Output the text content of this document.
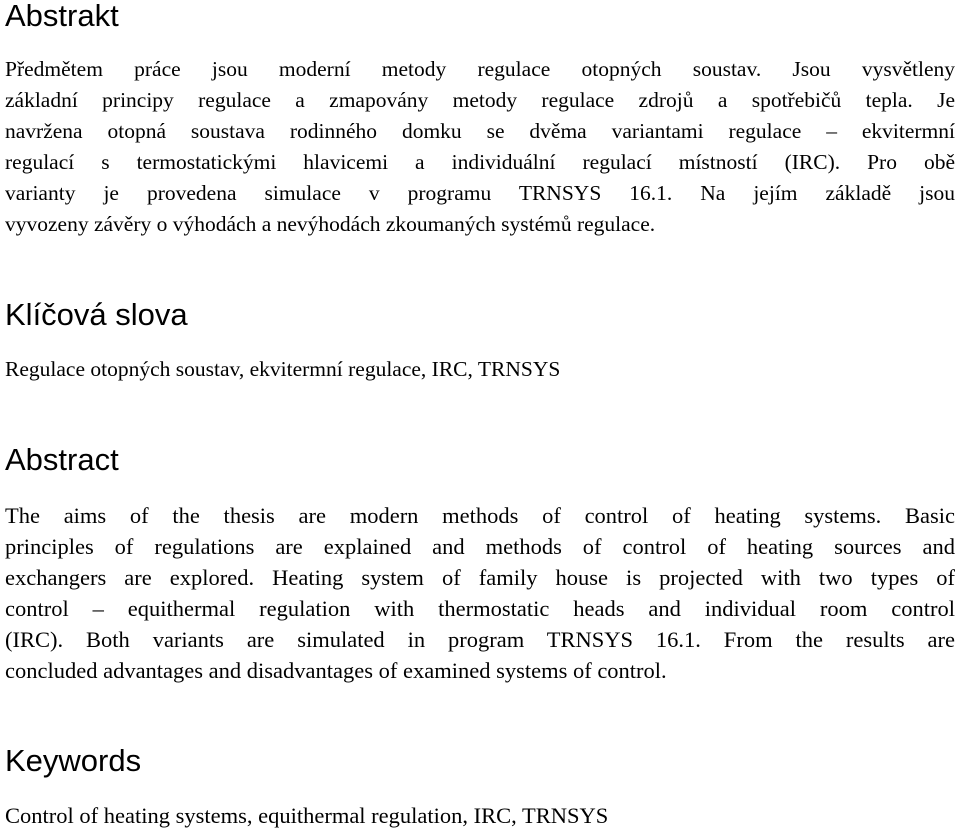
Abstrakt
Předmětem práce jsou moderní metody regulace otopných soustav. Jsou vysvětleny
základní principy regulace a zmapovány metody regulace zdrojů a spotřebičů tepla. Je
navržena otopná soustava rodinného domku se dvěma variantami regulace – ekvitermní
regulací s termostatickými hlavicemi a individuální regulací místností (IRC). Pro obě
varianty je provedena simulace v programu TRNSYS 16.1. Na jejím základě jsou
vyvozeny závěry o výhodách a nevýhodách zkoumaných systémů regulace.
Klíčová slova

Regulace otopných soustav, ekvitermní regulace, IRC, TRNSYS

Abstract
The aims of the thesis are modern methods of control of heating systems. Basic
principles of regulations are explained and methods of control of heating sources and
exchangers are explored. Heating system of family house is projected with two types of
control – equithermal regulation with thermostatic heads and individual room control
(IRC). Both variants are simulated in program TRNSYS 16.1. From the results are
concluded advantages and disadvantages of examined systems of control.
Keywords

Control of heating systems, equithermal regulation, IRC, TRNSYS
